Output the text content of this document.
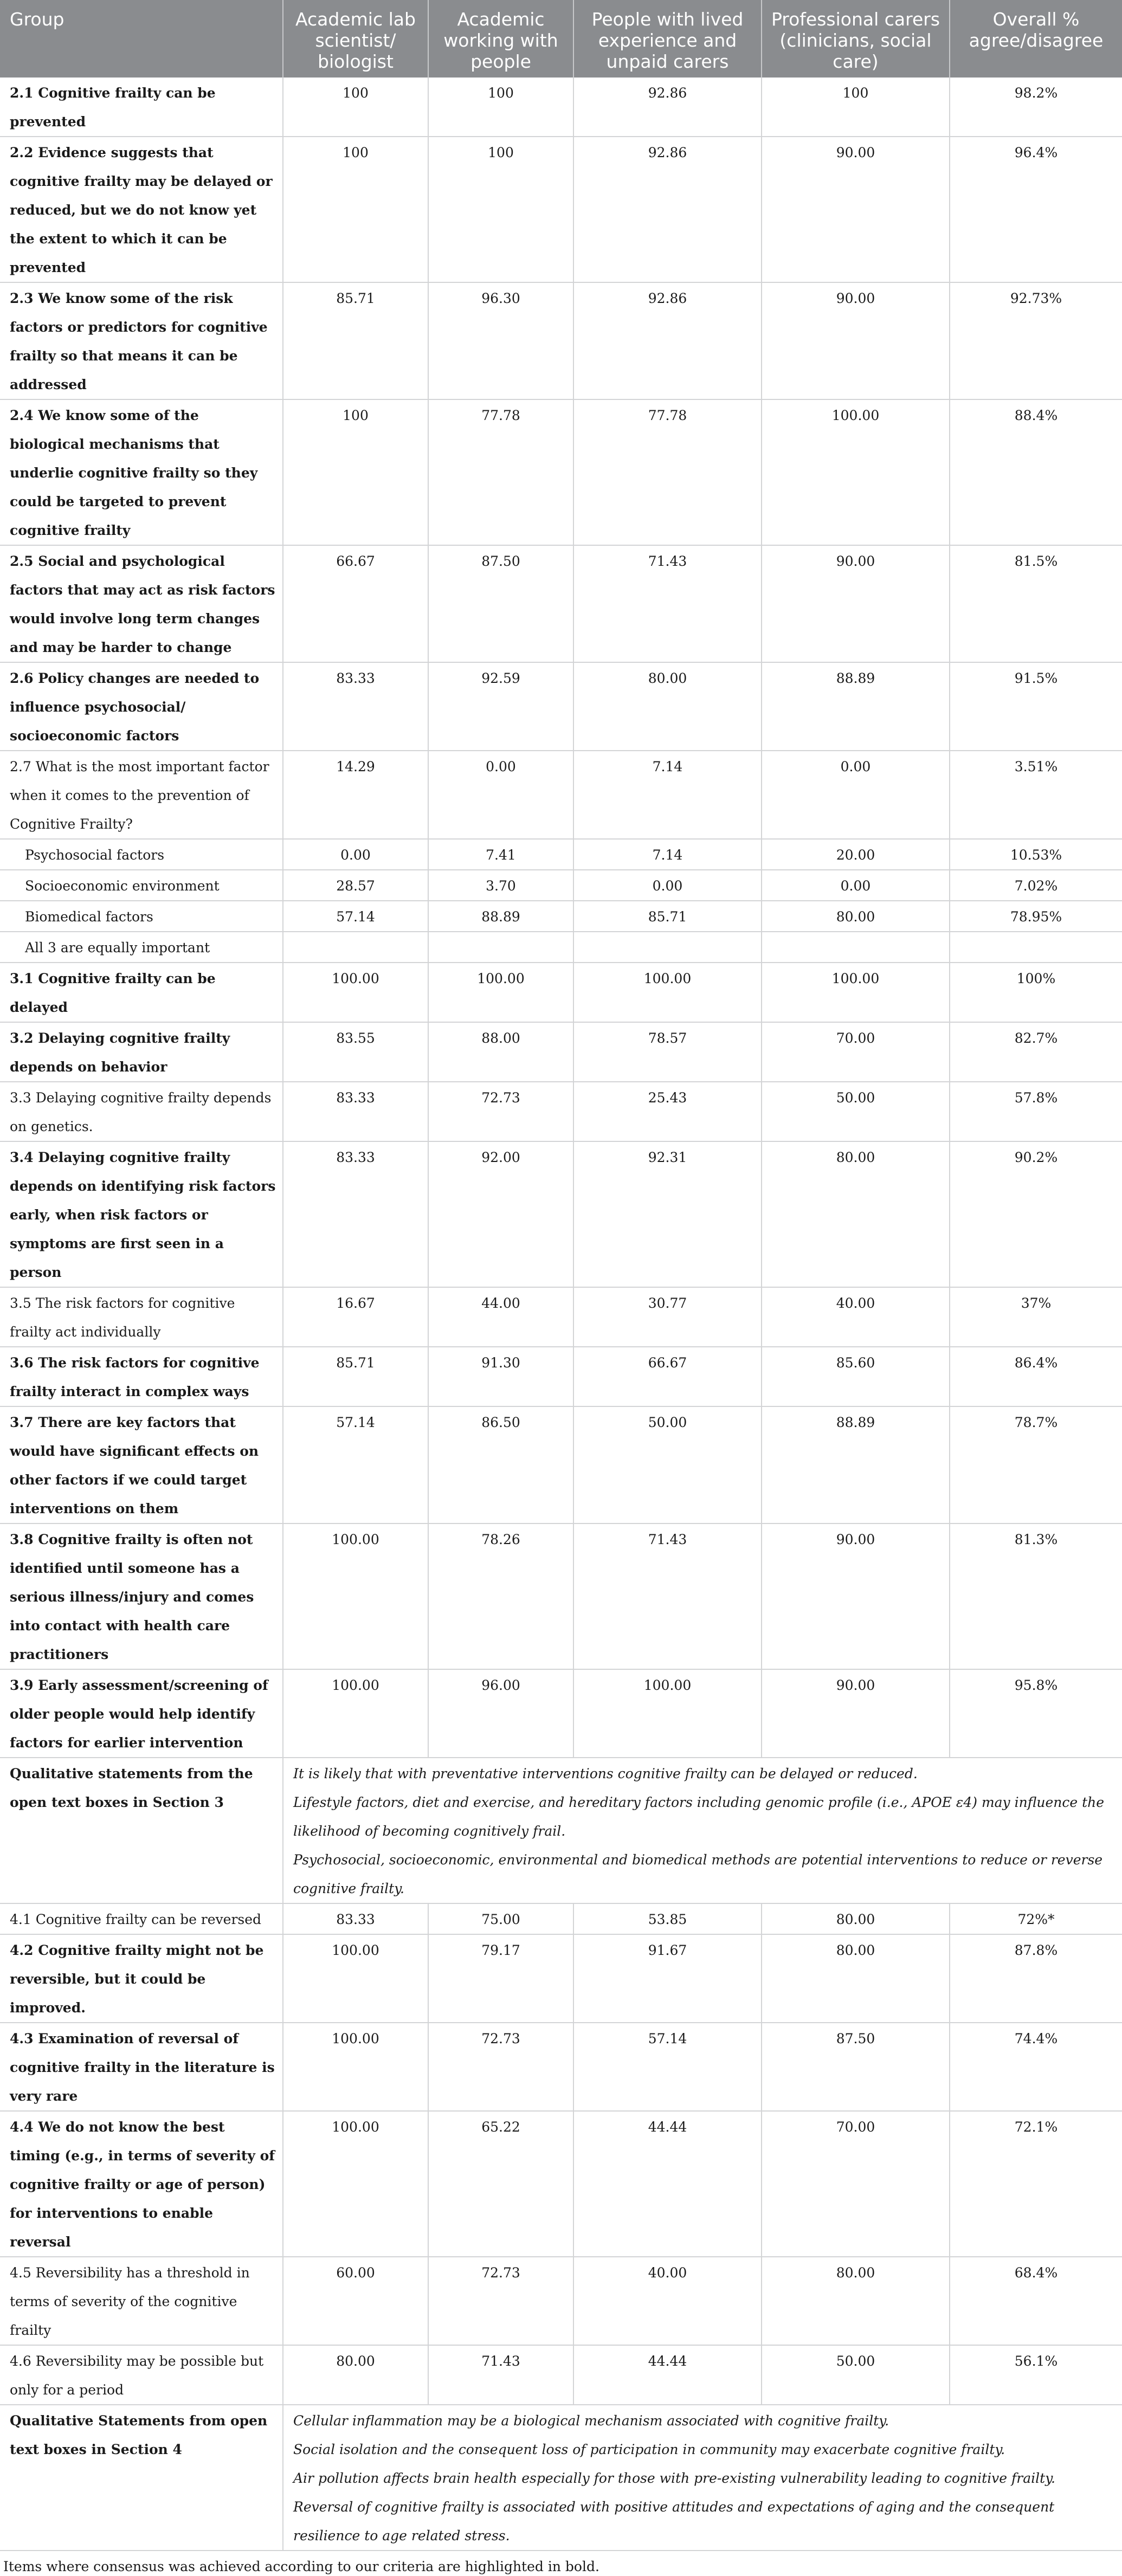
Group	Academic lab scientist/ biologist	Academic working with people	People with lived experience and unpaid carers	Professional carers (clinicians, social care)	Overall % agree/disagree
2.1 Cognitive frailty can be prevented	100	100	92.86	100	98.2%
2.2 Evidence suggests that cognitive frailty may be delayed or reduced, but we do not know yet the extent to which it can be prevented	100	100	92.86	90.00	96.4%
2.3 We know some of the risk factors or predictors for cognitive frailty so that means it can be addressed	85.71	96.30	92.86	90.00	92.73%
2.4 We know some of the biological mechanisms that underlie cognitive frailty so they could be targeted to prevent cognitive frailty	100	77.78	77.78	100.00	88.4%
2.5 Social and psychological factors that may act as risk factors would involve long term changes and may be harder to change	66.67	87.50	71.43	90.00	81.5%
2.6 Policy changes are needed to influence psychosocial/ socioeconomic factors	83.33	92.59	80.00	88.89	91.5%
2.7 What is the most important factor when it comes to the prevention of Cognitive Frailty?	14.29	0.00	7.14	0.00	3.51%
Psychosocial factors	0.00	7.41	7.14	20.00	10.53%
Socioeconomic environment	28.57	3.70	0.00	0.00	7.02%
Biomedical factors	57.14	88.89	85.71	80.00	78.95%
All 3 are equally important					
3.1 Cognitive frailty can be delayed	100.00	100.00	100.00	100.00	100%
3.2 Delaying cognitive frailty depends on behavior	83.55	88.00	78.57	70.00	82.7%
3.3 Delaying cognitive frailty depends on genetics.	83.33	72.73	25.43	50.00	57.8%
3.4 Delaying cognitive frailty depends on identifying risk factors early, when risk factors or symptoms are first seen in a person	83.33	92.00	92.31	80.00	90.2%
3.5 The risk factors for cognitive frailty act individually	16.67	44.00	30.77	40.00	37%
3.6 The risk factors for cognitive frailty interact in complex ways	85.71	91.30	66.67	85.60	86.4%
3.7 There are key factors that would have significant effects on other factors if we could target interventions on them	57.14	86.50	50.00	88.89	78.7%
3.8 Cognitive frailty is often not identified until someone has a serious illness/injury and comes into contact with health care practitioners	100.00	78.26	71.43	90.00	81.3%
3.9 Early assessment/screening of older people would help identify factors for earlier intervention	100.00	96.00	100.00	90.00	95.8%
Qualitative statements from the open text boxes in Section 3	It is likely that with preventative interventions cognitive frailty can be delayed or reduced.
Lifestyle factors, diet and exercise, and hereditary factors including genomic profile (i.e., APOE ε4) may influence the likelihood of becoming cognitively frail.
Psychosocial, socioeconomic, environmental and biomedical methods are potential interventions to reduce or reverse cognitive frailty.				

4.1 Cognitive frailty can be reversed	83.33	75.00	53.85	80.00	72%*
4.2 Cognitive frailty might not be reversible, but it could be improved.	100.00	79.17	91.67	80.00	87.8%
4.3 Examination of reversal of cognitive frailty in the literature is very rare	100.00	72.73	57.14	87.50	74.4%
4.4 We do not know the best timing (e.g., in terms of severity of cognitive frailty or age of person) for interventions to enable reversal	100.00	65.22	44.44	70.00	72.1%
4.5 Reversibility has a threshold in terms of severity of the cognitive frailty	60.00	72.73	40.00	80.00	68.4%
4.6 Reversibility may be possible but only for a period	80.00	71.43	44.44	50.00	56.1%
Qualitative Statements from open text boxes in Section 4	Cellular inflammation may be a biological mechanism associated with cognitive frailty.
Social isolation and the consequent loss of participation in community may exacerbate cognitive frailty.
Air pollution affects brain health especially for those with pre-existing vulnerability leading to cognitive frailty.
Reversal of cognitive frailty is associated with positive attitudes and expectations of aging and the consequent resilience to age related stress.				
Items where consensus was achieved according to our criteria are highlighted in bold.
